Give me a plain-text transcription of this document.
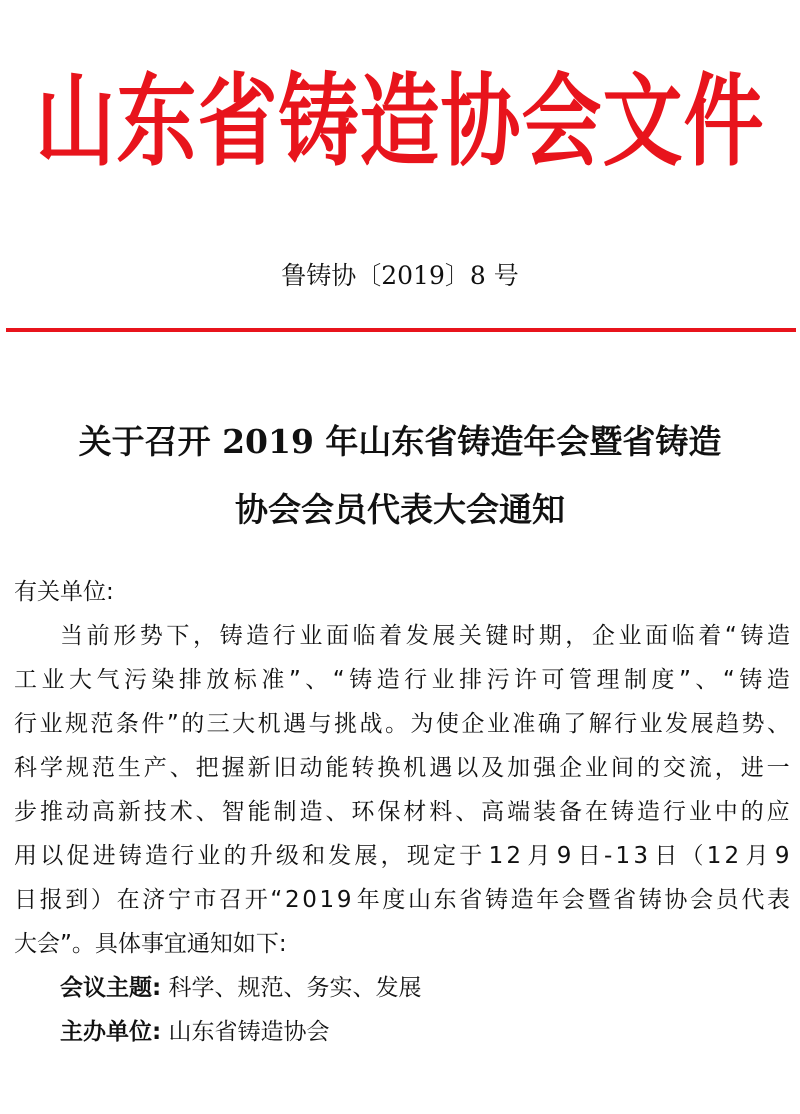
山东省铸造协会文件
鲁铸协〔2019〕8 号
关于召开 2019 年山东省铸造年会暨省铸造
协会会员代表大会通知
有关单位:
当 前 形 势 下 ， 铸 造 行 业 面 临 着 发 展 关 键 时 期 ， 企 业 面 临 着 “ 铸 造
工 业 大 气 污 染 排 放 标 准 ” 、 “ 铸 造 行 业 排 污 许 可 管 理 制 度 ” 、 “ 铸 造
行 业 规 范 条 件 ” 的 三 大 机 遇 与 挑 战 。 为 使 企 业 准 确 了 解 行 业 发 展 趋 势 、
科 学 规 范 生 产 、 把 握 新 旧 动 能 转 换 机 遇 以 及 加 强 企 业 间 的 交 流 ， 进 一
步 推 动 高 新 技 术 、 智 能 制 造 、 环 保 材 料 、 高 端 装 备 在 铸 造 行 业 中 的 应
用 以 促 进 铸 造 行 业 的 升 级 和 发 展 ， 现 定 于 1 2 月 9 日 - 1 3 日 （ 1 2 月 9
日 报 到 ） 在 济 宁 市 召 开 “ 2 0 1 9 年 度 山 东 省 铸 造 年 会 暨 省 铸 协 会 员 代 表
大 会 ” 。 具 体 事 宜 通 知 如 下 :
会议主题: 科学、规范、务实、发展
主办单位: 山东省铸造协会
